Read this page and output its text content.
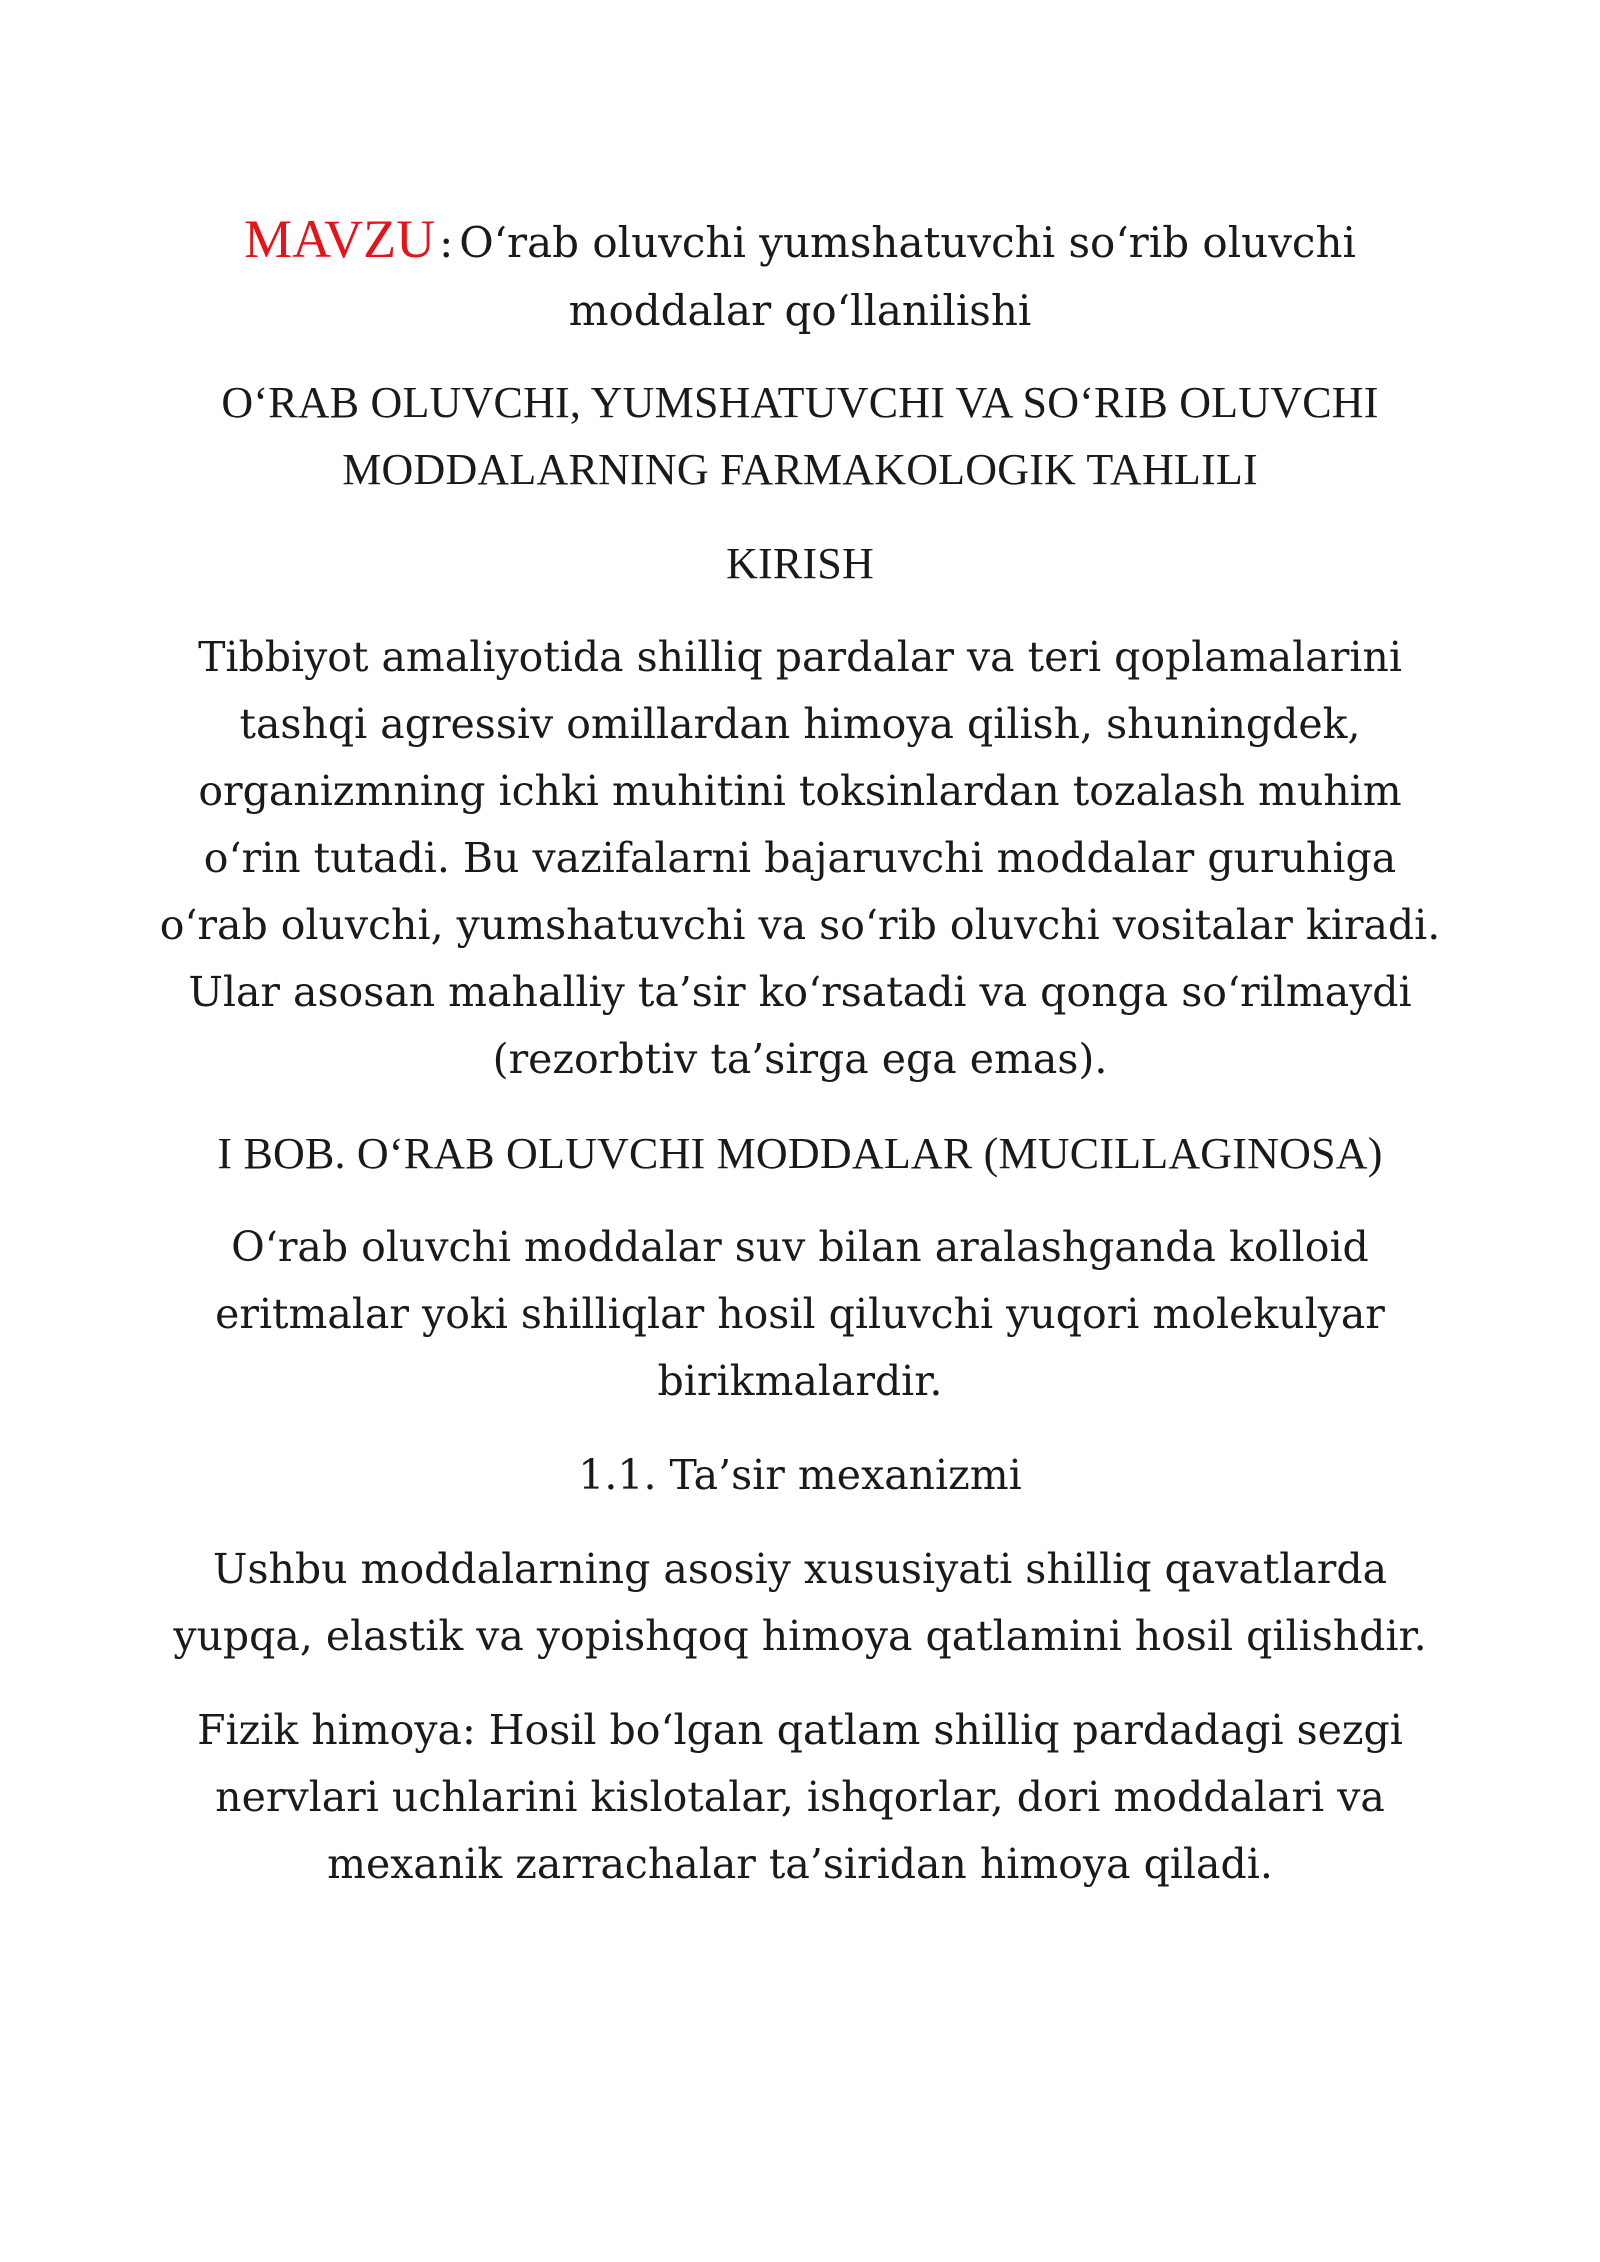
MAVZU: O‘rab oluvchi yumshatuvchi so‘rib oluvchi moddalar qo‘llanilishi

O‘RAB OLUVCHI, YUMSHATUVCHI VA SO‘RIB OLUVCHI MODDALARNING FARMAKOLOGIK TAHLILI

KIRISH

Tibbiyot amaliyotida shilliq pardalar va teri qoplamalarini tashqi agressiv omillardan himoya qilish, shuningdek, organizmning ichki muhitini toksinlardan tozalash muhim o‘rin tutadi. Bu vazifalarni bajaruvchi moddalar guruhiga o‘rab oluvchi, yumshatuvchi va so‘rib oluvchi vositalar kiradi. Ular asosan mahalliy ta’sir ko‘rsatadi va qonga so‘rilmaydi (rezorbtiv ta’sirga ega emas).

I BOB. O‘RAB OLUVCHI MODDALAR (MUCILLAGINOSA)

O‘rab oluvchi moddalar suv bilan aralashganda kolloid eritmalar yoki shilliqlar hosil qiluvchi yuqori molekulyar birikmalardir.

1.1. Ta’sir mexanizmi

Ushbu moddalarning asosiy xususiyati shilliq qavatlarda yupqa, elastik va yopishqoq himoya qatlamini hosil qilishdir.

Fizik himoya: Hosil bo‘lgan qatlam shilliq pardadagi sezgi nervlari uchlarini kislotalar, ishqorlar, dori moddalari va mexanik zarrachalar ta’siridan himoya qiladi.
